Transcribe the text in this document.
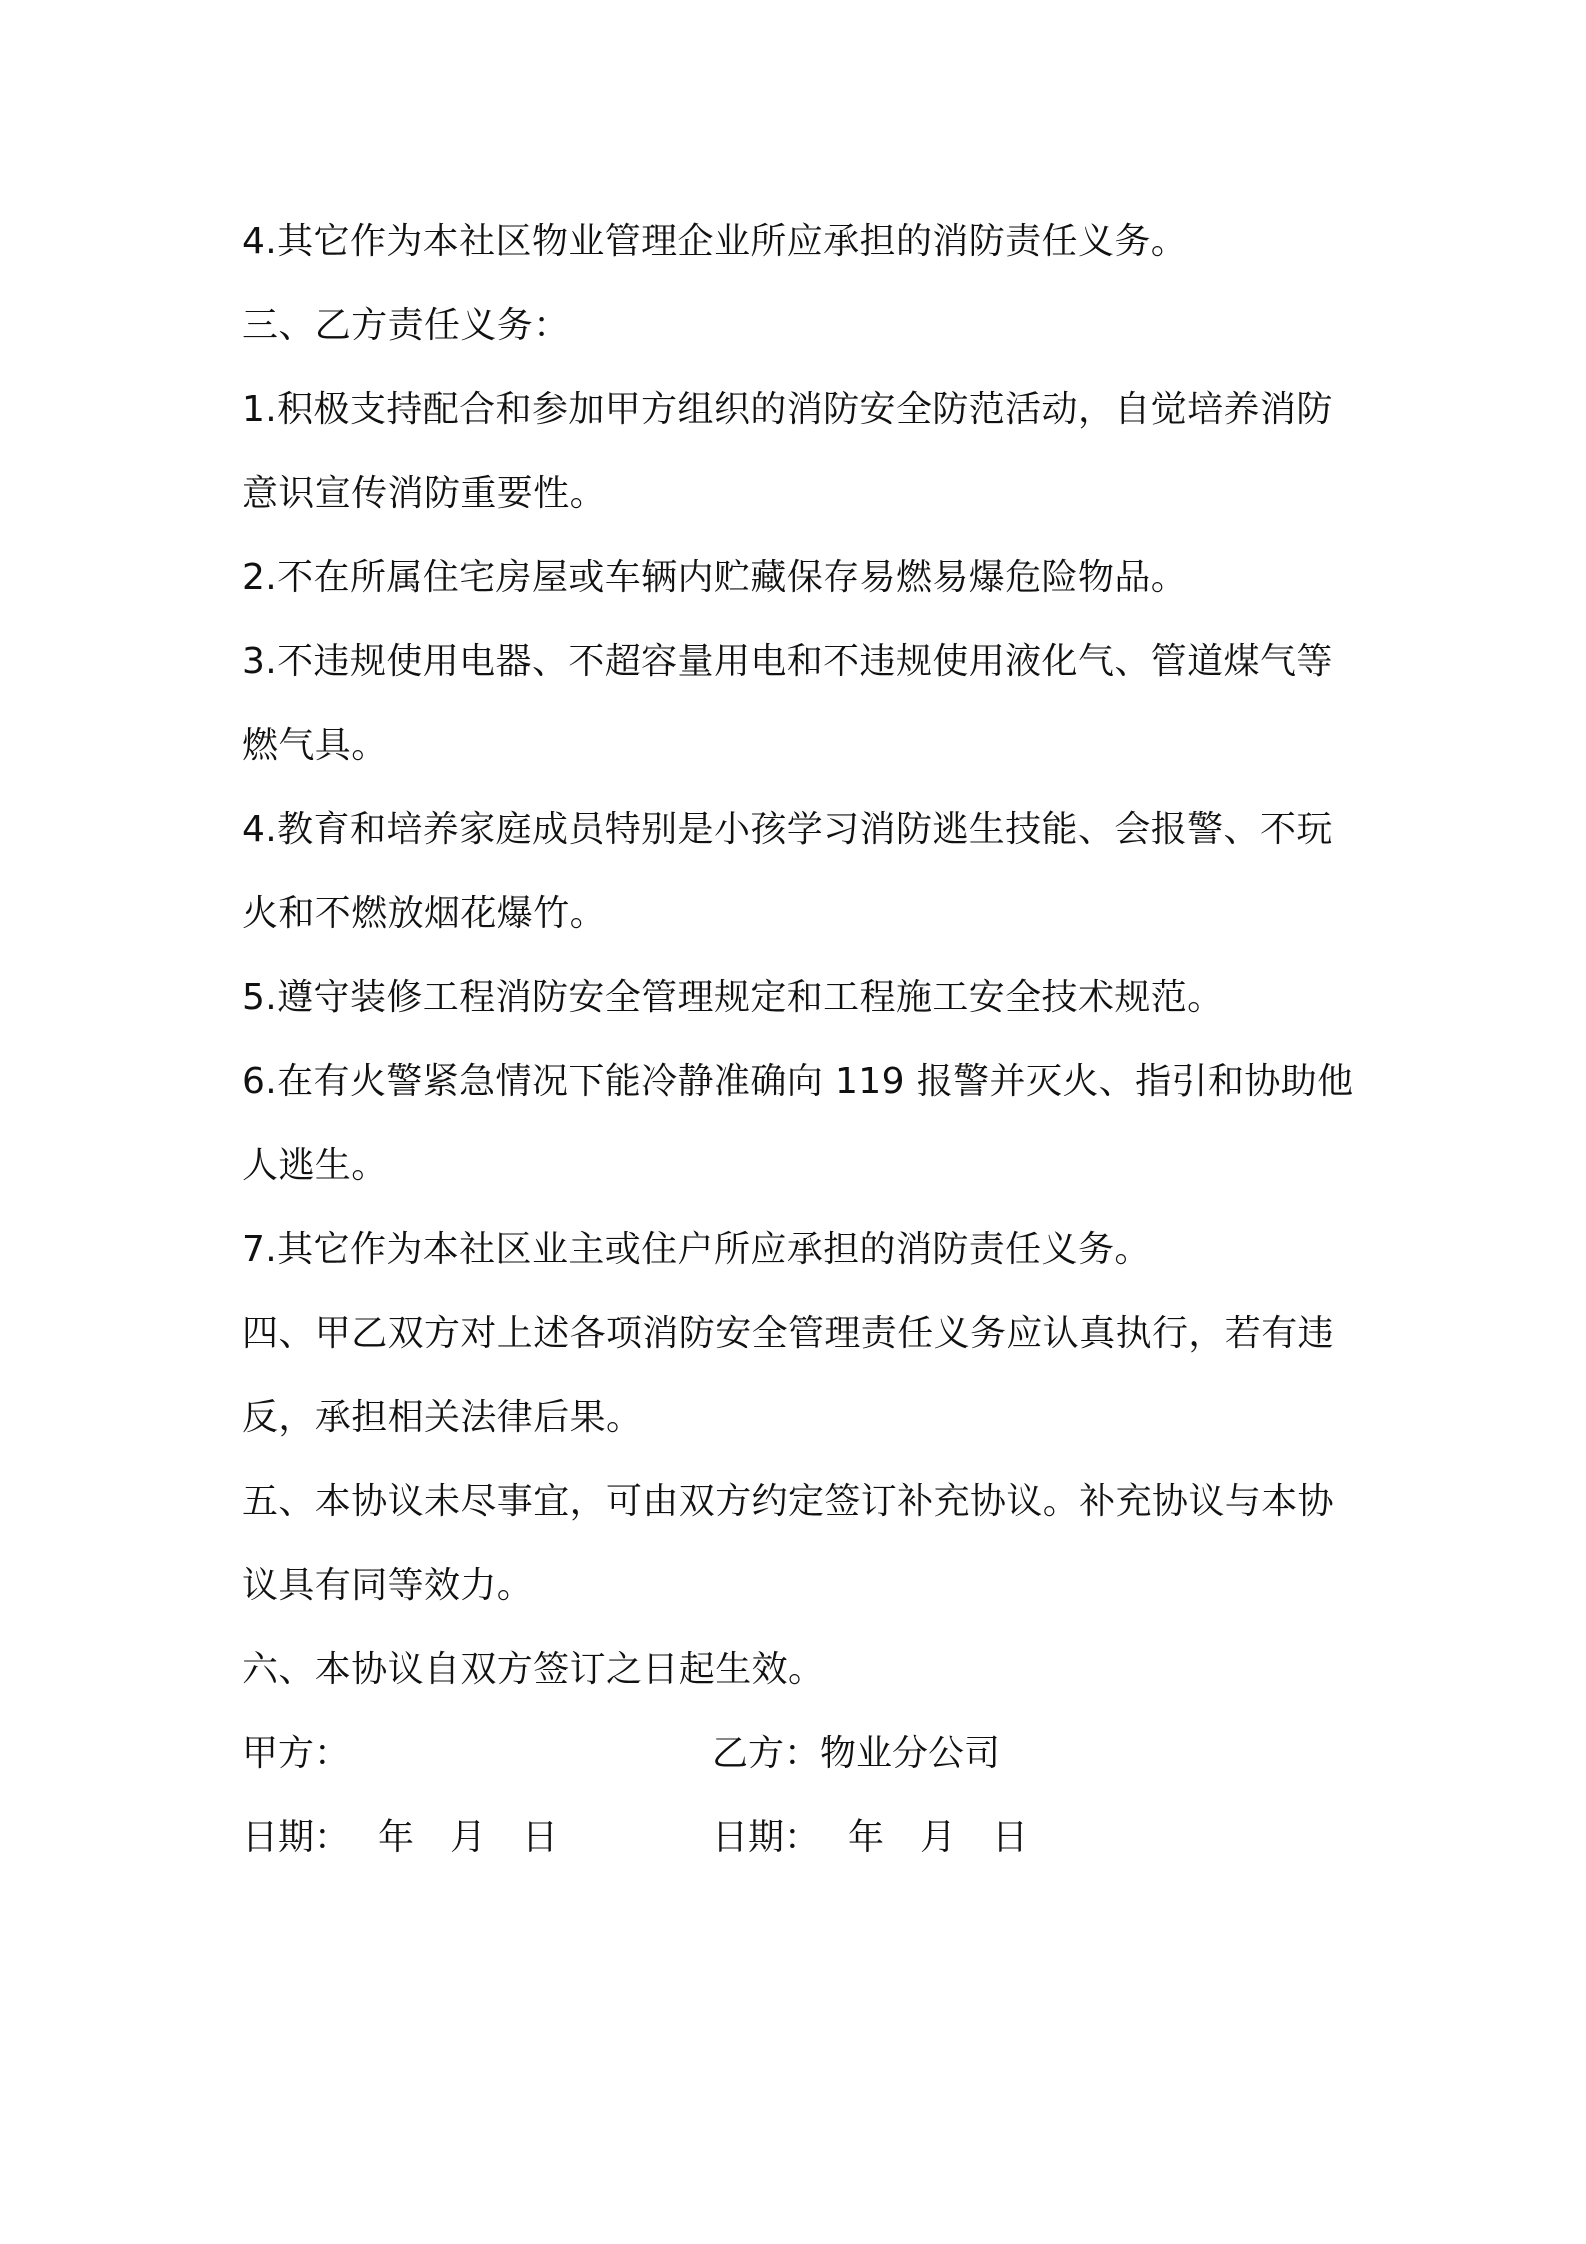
4.其它作为本社区物业管理企业所应承担的消防责任义务。
三、乙方责任义务：
1.积极支持配合和参加甲方组织的消防安全防范活动，自觉培养消防
意识宣传消防重要性。
2.不在所属住宅房屋或车辆内贮藏保存易燃易爆危险物品。
3.不违规使用电器、不超容量用电和不违规使用液化气、管道煤气等
燃气具。
4.教育和培养家庭成员特别是小孩学习消防逃生技能、会报警、不玩
火和不燃放烟花爆竹。
5.遵守装修工程消防安全管理规定和工程施工安全技术规范。
6.在有火警紧急情况下能冷静准确向 119 报警并灭火、指引和协助他
人逃生。
7.其它作为本社区业主或住户所应承担的消防责任义务。
四、甲乙双方对上述各项消防安全管理责任义务应认真执行，若有违
反，承担相关法律后果。
五、本协议未尽事宜，可由双方约定签订补充协议。补充协议与本协
议具有同等效力。
六、本协议自双方签订之日起生效。
甲方：	乙方：物业分公司
日期： 年 月 日	日期： 年 月 日
